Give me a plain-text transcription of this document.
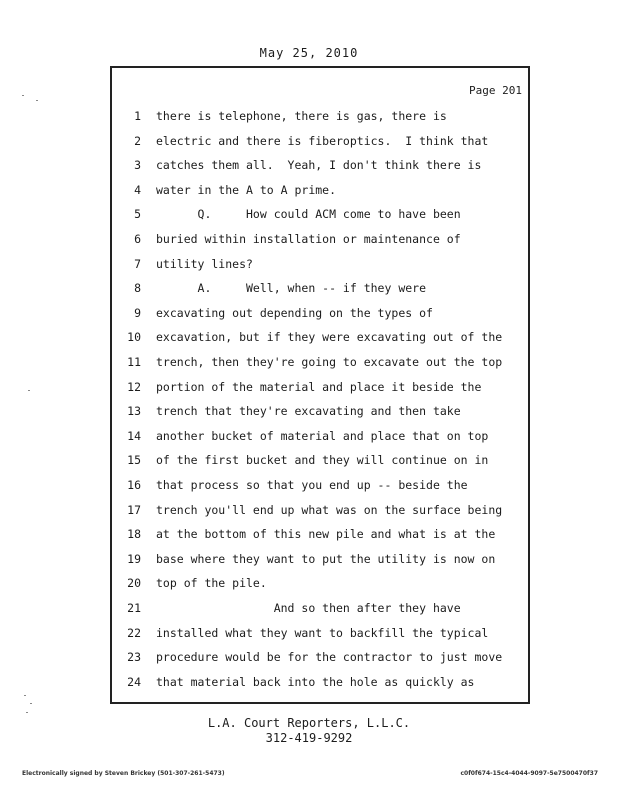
May 25, 2010
Page 201
1 there is telephone, there is gas, there is
2 electric and there is fiberoptics.  I think that
3 catches them all.  Yeah, I don't think there is
4 water in the A to A prime.
5 Q.     How could ACM come to have been
6 buried within installation or maintenance of
7 utility lines?
8 A.     Well, when -- if they were
9 excavating out depending on the types of
10 excavation, but if they were excavating out of the
11 trench, then they're going to excavate out the top
12 portion of the material and place it beside the
13 trench that they're excavating and then take
14 another bucket of material and place that on top
15 of the first bucket and they will continue on in
16 that process so that you end up -- beside the
17 trench you'll end up what was on the surface being
18 at the bottom of this new pile and what is at the
19 base where they want to put the utility is now on
20 top of the pile.
21 And so then after they have
22 installed what they want to backfill the typical
23 procedure would be for the contractor to just move
24 that material back into the hole as quickly as
L.A. Court Reporters, L.L.C.
312-419-9292
Electronically signed by Steven Brickey (501-307-261-5473)	c0f0f674-15c4-4044-9097-5e7500470f37
